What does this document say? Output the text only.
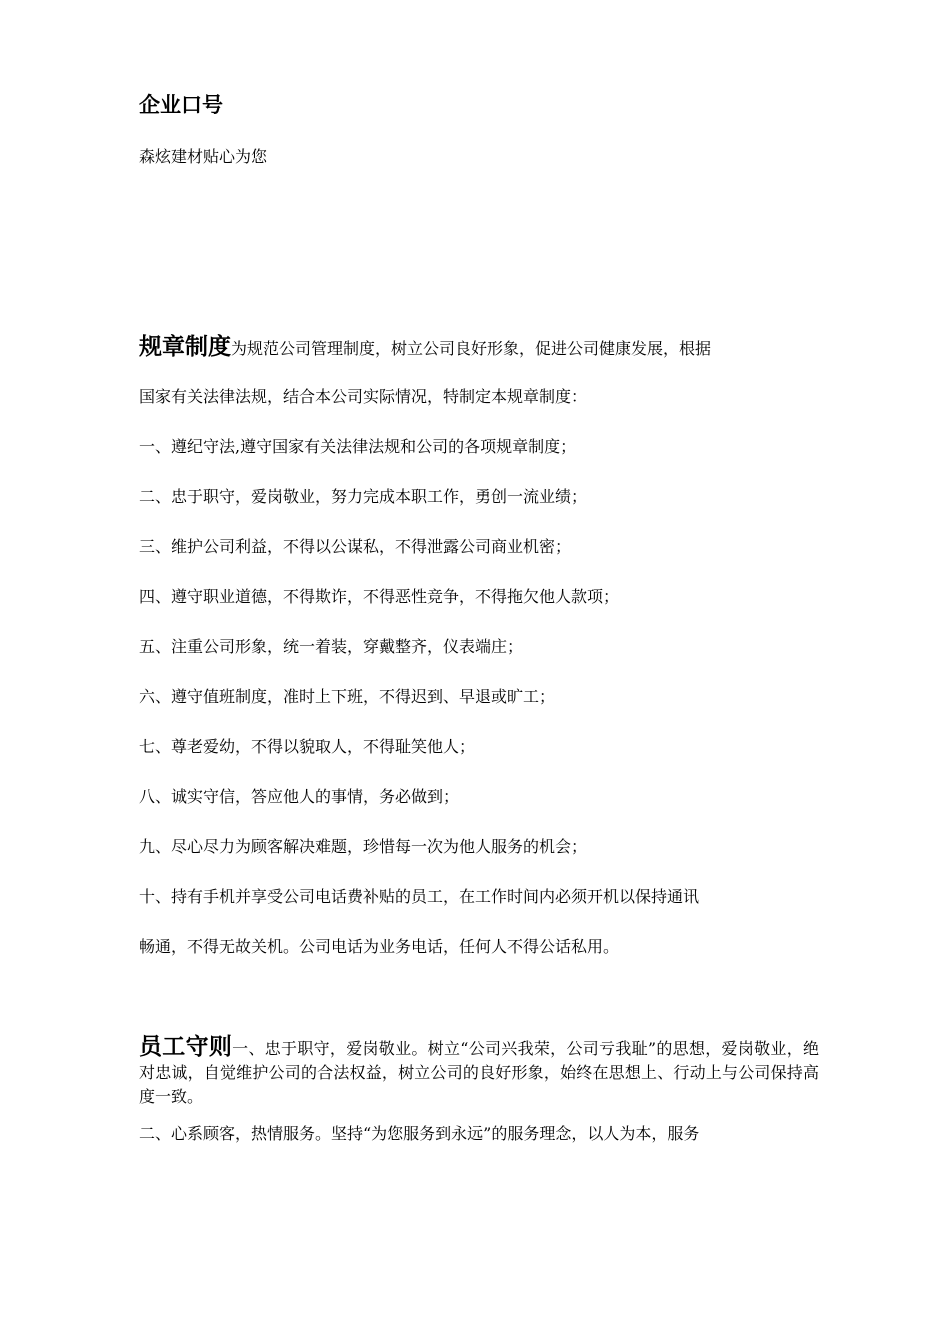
企业口号
森炫建材贴心为您
规章制度为规范公司管理制度，树立公司良好形象，促进公司健康发展，根据
国家有关法律法规，结合本公司实际情况，特制定本规章制度：
一、遵纪守法,遵守国家有关法律法规和公司的各项规章制度；
二、忠于职守，爱岗敬业，努力完成本职工作，勇创一流业绩；
三、维护公司利益，不得以公谋私，不得泄露公司商业机密；
四、遵守职业道德，不得欺诈，不得恶性竞争，不得拖欠他人款项；
五、注重公司形象，统一着装，穿戴整齐，仪表端庄；
六、遵守值班制度，准时上下班，不得迟到、早退或旷工；
七、尊老爱幼，不得以貌取人，不得耻笑他人；
八、诚实守信，答应他人的事情，务必做到；
九、尽心尽力为顾客解决难题，珍惜每一次为他人服务的机会；
十、持有手机并享受公司电话费补贴的员工，在工作时间内必须开机以保持通讯
畅通，不得无故关机。公司电话为业务电话，任何人不得公话私用。

员工守则一、忠于职守，爱岗敬业。树立“公司兴我荣，公司亏我耻”的思想，爱岗敬业，绝对忠诚，自觉维护公司的合法权益，树立公司的良好形象，始终在思想上、行动上与公司保持高度一致。

二、心系顾客，热情服务。坚持“为您服务到永远”的服务理念，以人为本，服务
